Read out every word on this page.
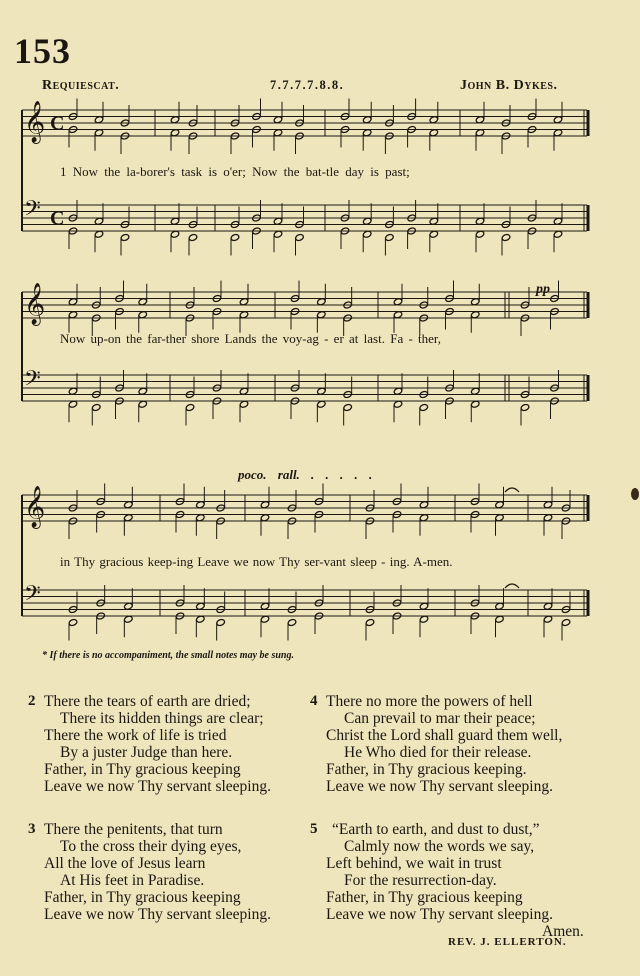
153
Requiescat.	7.7.7.7.8.8.	John B. Dykes.
𝄞 C
𝄢 C
𝄞
𝄢
𝄞
𝄢
1 Now the la-borer's task is o'er; Now the bat-tle day is past;
Now up-on the far-ther shore Lands the voy-ag - er at last. Fa - ther,
in Thy gracious keep-ing Leave we now Thy ser-vant sleep - ing. A-men.
pp
poco. rall. . . . . .
* If there is no accompaniment, the small notes may be sung.
2 There the tears of earth are dried;
There its hidden things are clear;
There the work of life is tried
By a juster Judge than here.
Father, in Thy gracious keeping
Leave we now Thy servant sleeping.
4 There no more the powers of hell
Can prevail to mar their peace;
Christ the Lord shall guard them well,
He Who died for their release.
Father, in Thy gracious keeping.
Leave we now Thy servant sleeping.
3 There the penitents, that turn
To the cross their dying eyes,
All the love of Jesus learn
At His feet in Paradise.
Father, in Thy gracious keeping
Leave we now Thy servant sleeping.
5 “Earth to earth, and dust to dust,”
Calmly now the words we say,
Left behind, we wait in trust
For the resurrection-day.
Father, in Thy gracious keeping
Leave we now Thy servant sleeping.
Amen.
REV. J. ELLERTON.
